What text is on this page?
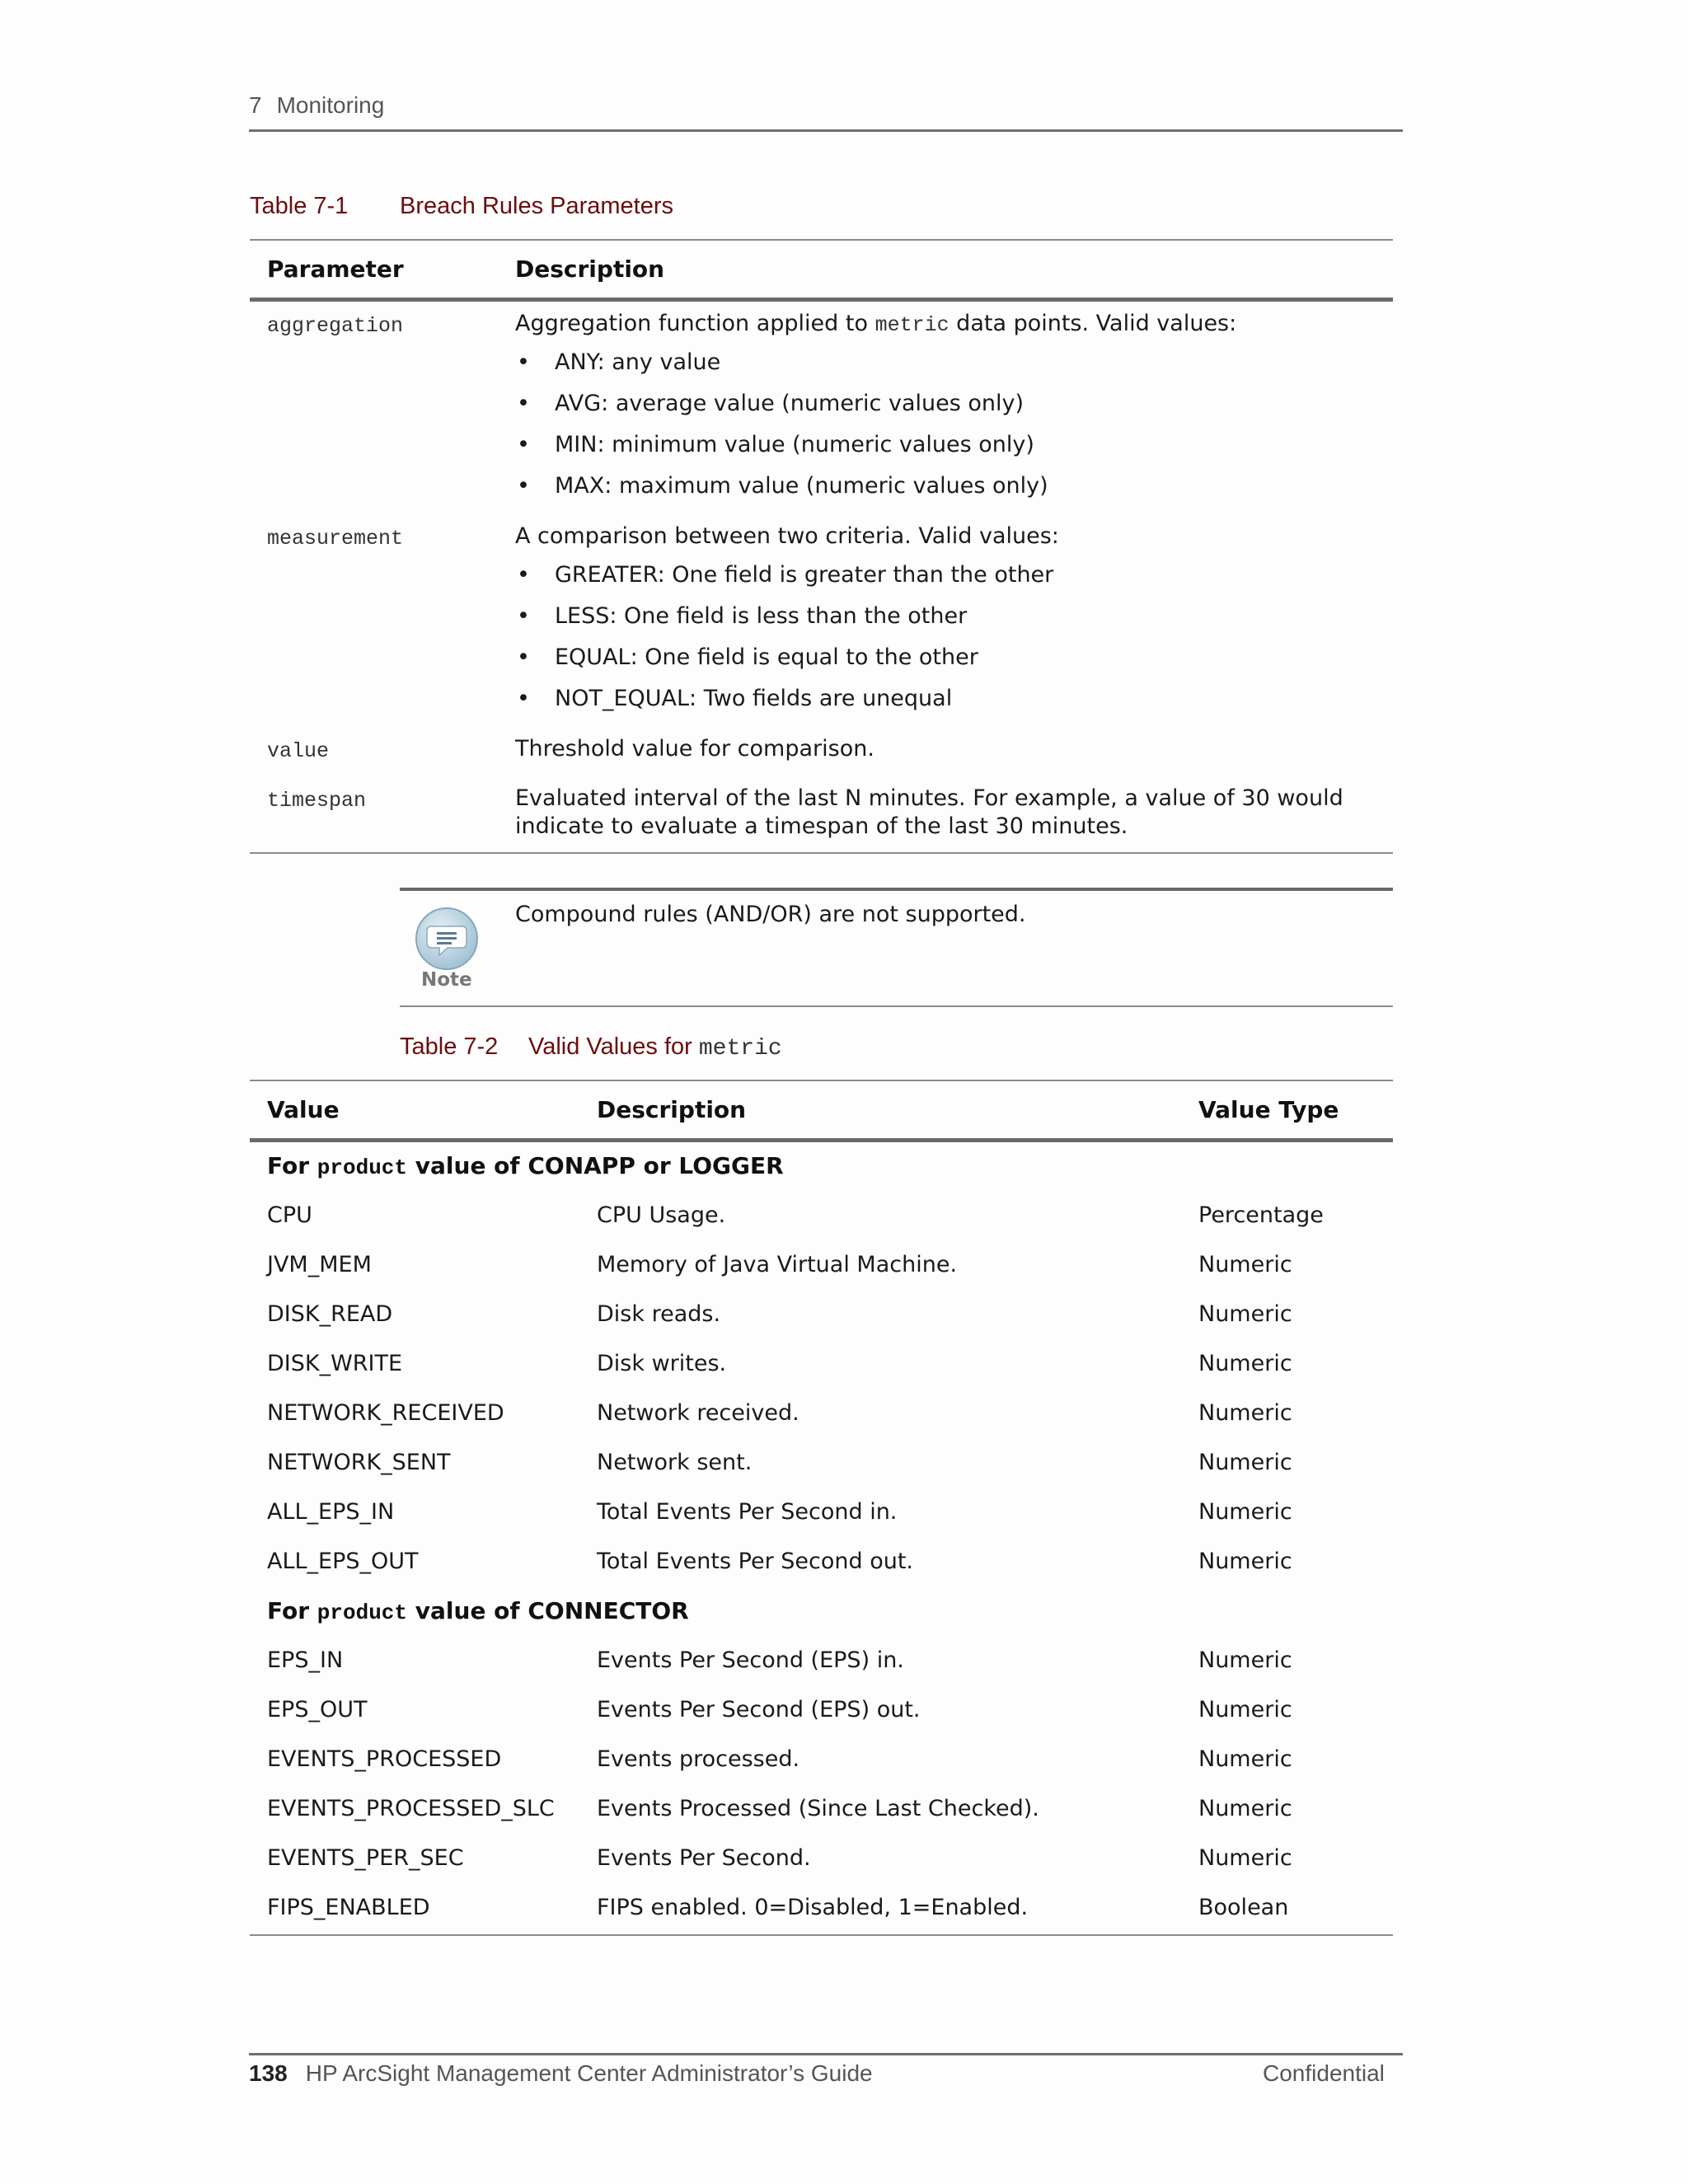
7 Monitoring
Table 7-1 Breach Rules Parameters
Parameter	Description
aggregation	Aggregation function applied to metric data points. Valid values:
• ANY: any value
• AVG: average value (numeric values only)
• MIN: minimum value (numeric values only)
• MAX: maximum value (numeric values only)
measurement	A comparison between two criteria. Valid values:
• GREATER: One field is greater than the other
• LESS: One field is less than the other
• EQUAL: One field is equal to the other
• NOT_EQUAL: Two fields are unequal
value	Threshold value for comparison.
timespan	Evaluated interval of the last N minutes. For example, a value of 30 would
indicate to evaluate a timespan of the last 30 minutes.
Note
Compound rules (AND/OR) are not supported.
Table 7-2 Valid Values for metric
Value	Description	Value Type
For product value of CONAPP or LOGGER
CPU	CPU Usage.	Percentage
JVM_MEM	Memory of Java Virtual Machine.	Numeric
DISK_READ	Disk reads.	Numeric
DISK_WRITE	Disk writes.	Numeric
NETWORK_RECEIVED	Network received.	Numeric
NETWORK_SENT	Network sent.	Numeric
ALL_EPS_IN	Total Events Per Second in.	Numeric
ALL_EPS_OUT	Total Events Per Second out.	Numeric
For product value of CONNECTOR
EPS_IN	Events Per Second (EPS) in.	Numeric
EPS_OUT	Events Per Second (EPS) out.	Numeric
EVENTS_PROCESSED	Events processed.	Numeric
EVENTS_PROCESSED_SLC Events Processed (Since Last Checked).	Numeric
EVENTS_PER_SEC	Events Per Second.	Numeric
FIPS_ENABLED	FIPS enabled. 0=Disabled, 1=Enabled.	Boolean
138 HP ArcSight Management Center Administrator’s Guide	Confidential
